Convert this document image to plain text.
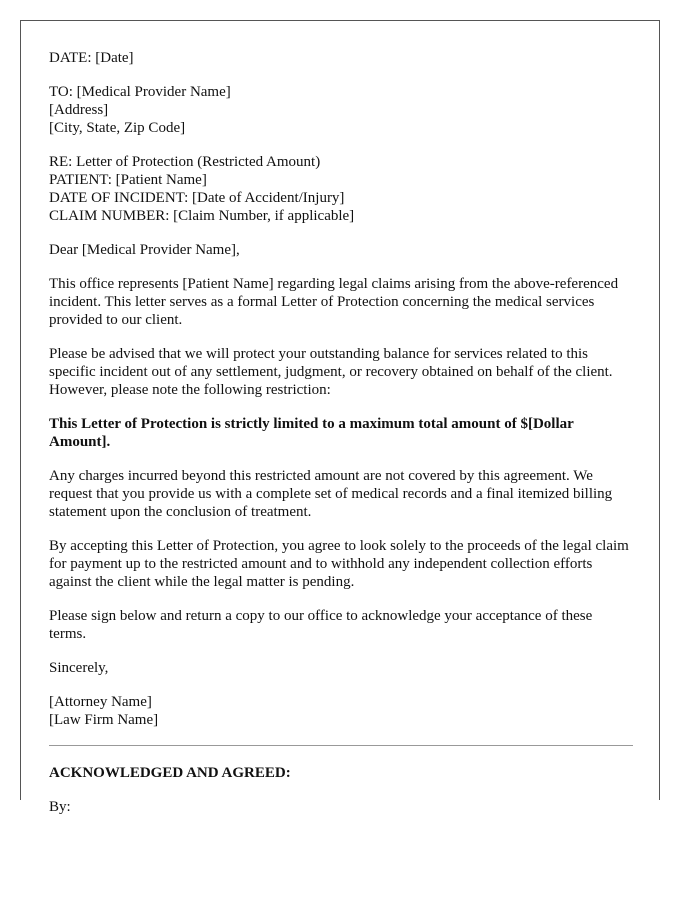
DATE: [Date]
TO: [Medical Provider Name]
[Address]
[City, State, Zip Code]
RE: Letter of Protection (Restricted Amount)
PATIENT: [Patient Name]
DATE OF INCIDENT: [Date of Accident/Injury]
CLAIM NUMBER: [Claim Number, if applicable]
Dear [Medical Provider Name],

This office represents [Patient Name] regarding legal claims arising from the above-referenced incident. This letter serves as a formal Letter of Protection concerning the medical services provided to our client.

Please be advised that we will protect your outstanding balance for services related to this specific incident out of any settlement, judgment, or recovery obtained on behalf of the client. However, please note the following restriction:

This Letter of Protection is strictly limited to a maximum total amount of $[Dollar Amount].

Any charges incurred beyond this restricted amount are not covered by this agreement. We request that you provide us with a complete set of medical records and a final itemized billing statement upon the conclusion of treatment.

By accepting this Letter of Protection, you agree to look solely to the proceeds of the legal claim for payment up to the restricted amount and to withhold any independent collection efforts against the client while the legal matter is pending.

Please sign below and return a copy to our office to acknowledge your acceptance of these terms.

Sincerely,
[Attorney Name]
[Law Firm Name]
ACKNOWLEDGED AND AGREED:
By:
